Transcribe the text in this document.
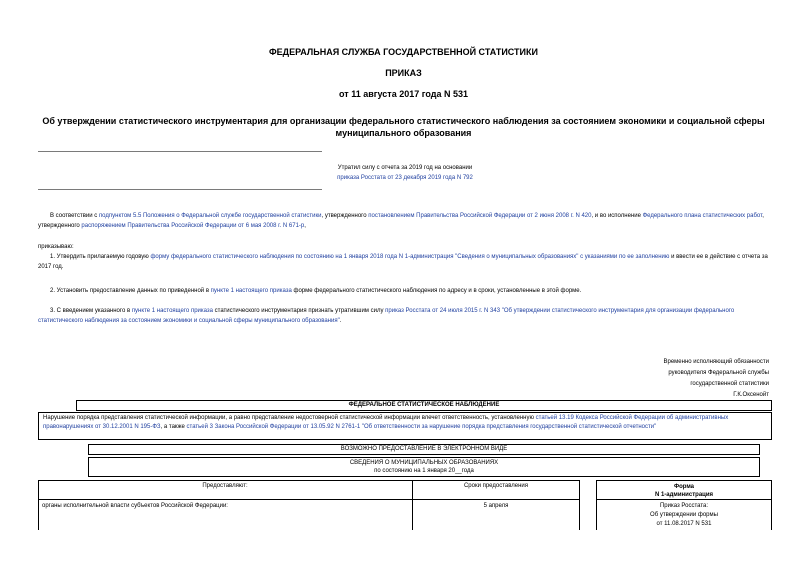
ФЕДЕРАЛЬНАЯ СЛУЖБА ГОСУДАРСТВЕННОЙ СТАТИСТИКИ
ПРИКАЗ
от 11 августа 2017 года N 531
Об утверждении статистического инструментария для организации федерального статистического наблюдения за состоянием экономики и социальной сферы
муниципального образования
Утратил силу с отчета за 2019 год на основании
приказа Росстата от 23 декабря 2019 года N 792
В соответствии с подпунктом 5.5 Положения о Федеральной службе государственной статистики, утвержденного постановлением Правительства Российской Федерации от 2 июня 2008 г. N 420, и во исполнение Федерального плана статистических работ, утвержденного распоряжением Правительства Российской Федерации от 6 мая 2008 г. N 671-р,
приказываю:
1. Утвердить прилагаемую годовую форму федерального статистического наблюдения по состоянию на 1 января 2018 года N 1-администрация "Сведения о муниципальных образованиях" с указаниями по ее заполнению и ввести ее в действие с отчета за 2017 год.
2. Установить предоставление данных по приведенной в пункте 1 настоящего приказа форме федерального статистического наблюдения по адресу и в сроки, установленные в этой форме.
3. С введением указанного в пункте 1 настоящего приказа статистического инструментария признать утратившим силу приказ Росстата от 24 июля 2015 г. N 343 "Об утверждении статистического инструментария для организации федерального статистического наблюдения за состоянием экономики и социальной сферы муниципального образования".
Временно исполняющий обязанности
руководителя Федеральной службы
государственной статистики
Г.К.Оксенойт
ФЕДЕРАЛЬНОЕ СТАТИСТИЧЕСКОЕ НАБЛЮДЕНИЕ
Нарушение порядка представления статистической информации, а равно представление недостоверной статистической информации влечет ответственность, установленную статьей 13.19 Кодекса Российской Федерации об административных правонарушениях от 30.12.2001 N 195-ФЗ, а также статьей 3 Закона Российской Федерации от 13.05.92 N 2761-1 "Об ответственности за нарушение порядка представления государственной статистической отчетности"
ВОЗМОЖНО ПРЕДОСТАВЛЕНИЕ В ЭЛЕКТРОННОМ ВИДЕ
СВЕДЕНИЯ О МУНИЦИПАЛЬНЫХ ОБРАЗОВАНИЯХ
по состоянию на 1 января 20__года
Предоставляют:	Сроки предоставления
органы исполнительной власти субъектов Российской Федерации:	5 апреля
Форма
N 1-администрация
Приказ Росстата:
Об утверждении формы
от 11.08.2017 N 531
